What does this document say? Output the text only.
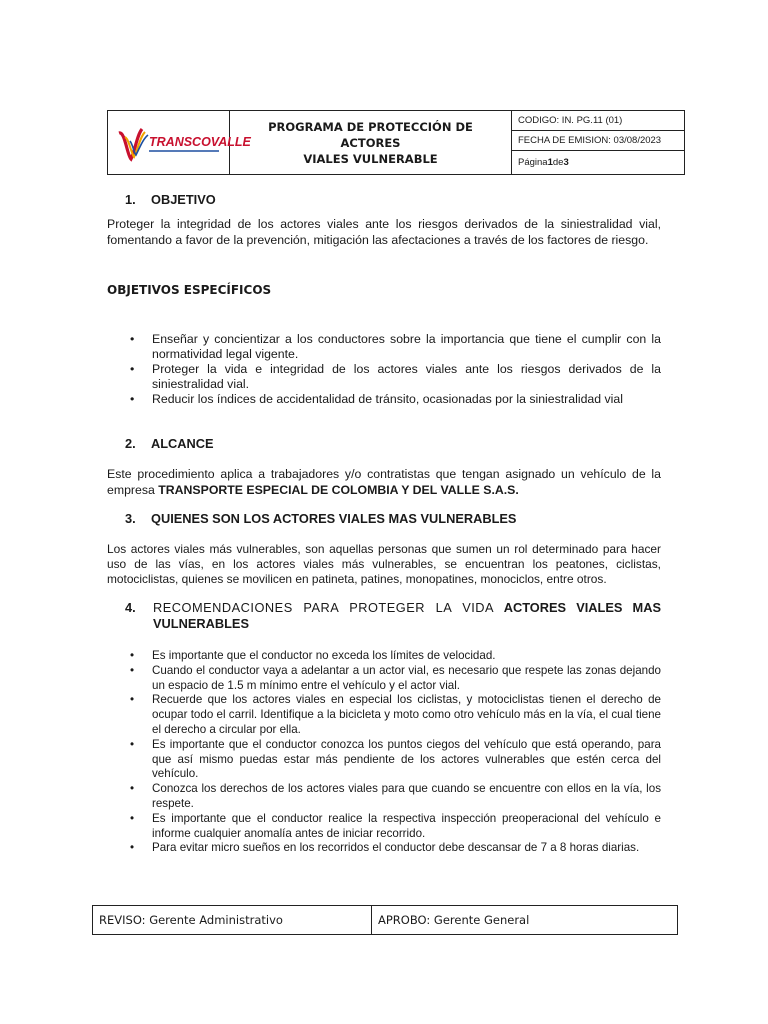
TRANSCOVALLE
PROGRAMA DE PROTECCIÓN DE ACTORES
VIALES VULNERABLE
CODIGO: IN. PG.11 (01)
FECHA DE EMISION: 03/08/2023
Página 1 de 3
1. OBJETIVO
Proteger la integridad de los actores viales ante los riesgos derivados de la siniestralidad vial, fomentando a favor de la prevención, mitigación las afectaciones a través de los factores de riesgo.
OBJETIVOS ESPECÍFICOS
• Enseñar y concientizar a los conductores sobre la importancia que tiene el cumplir con la normatividad legal vigente.
• Proteger la vida e integridad de los actores viales ante los riesgos derivados de la siniestralidad vial.
• Reducir los índices de accidentalidad de tránsito, ocasionadas por la siniestralidad vial
2. ALCANCE
Este procedimiento aplica a trabajadores y/o contratistas que tengan asignado un vehículo de la empresa TRANSPORTE ESPECIAL DE COLOMBIA Y DEL VALLE S.A.S.
3. QUIENES SON LOS ACTORES VIALES MAS VULNERABLES
Los actores viales más vulnerables, son aquellas personas que sumen un rol determinado para hacer uso de las vías, en los actores viales más vulnerables, se encuentran los peatones, ciclistas, motociclistas, quienes se movilicen en patineta, patines, monopatines, monociclos, entre otros.
4.	RECOMENDACIONES PARA PROTEGER LA VIDA ACTORES VIALES MAS VULNERABLES
• Es importante que el conductor no exceda los límites de velocidad.
• Cuando el conductor vaya a adelantar a un actor vial, es necesario que respete las zonas dejando un espacio de 1.5 m mínimo entre el vehículo y el actor vial.
• Recuerde que los actores viales en especial los ciclistas, y motociclistas tienen el derecho de ocupar todo el carril. Identifique a la bicicleta y moto como otro vehículo más en la vía, el cual tiene el derecho a circular por ella.
• Es importante que el conductor conozca los puntos ciegos del vehículo que está operando, para que así mismo puedas estar más pendiente de los actores vulnerables que estén cerca del vehículo.
• Conozca los derechos de los actores viales para que cuando se encuentre con ellos en la vía, los respete.
• Es importante que el conductor realice la respectiva inspección preoperacional del vehículo e informe cualquier anomalía antes de iniciar recorrido.
• Para evitar micro sueños en los recorridos el conductor debe descansar de 7 a 8 horas diarias.
REVISO: Gerente Administrativo	APROBO: Gerente General
